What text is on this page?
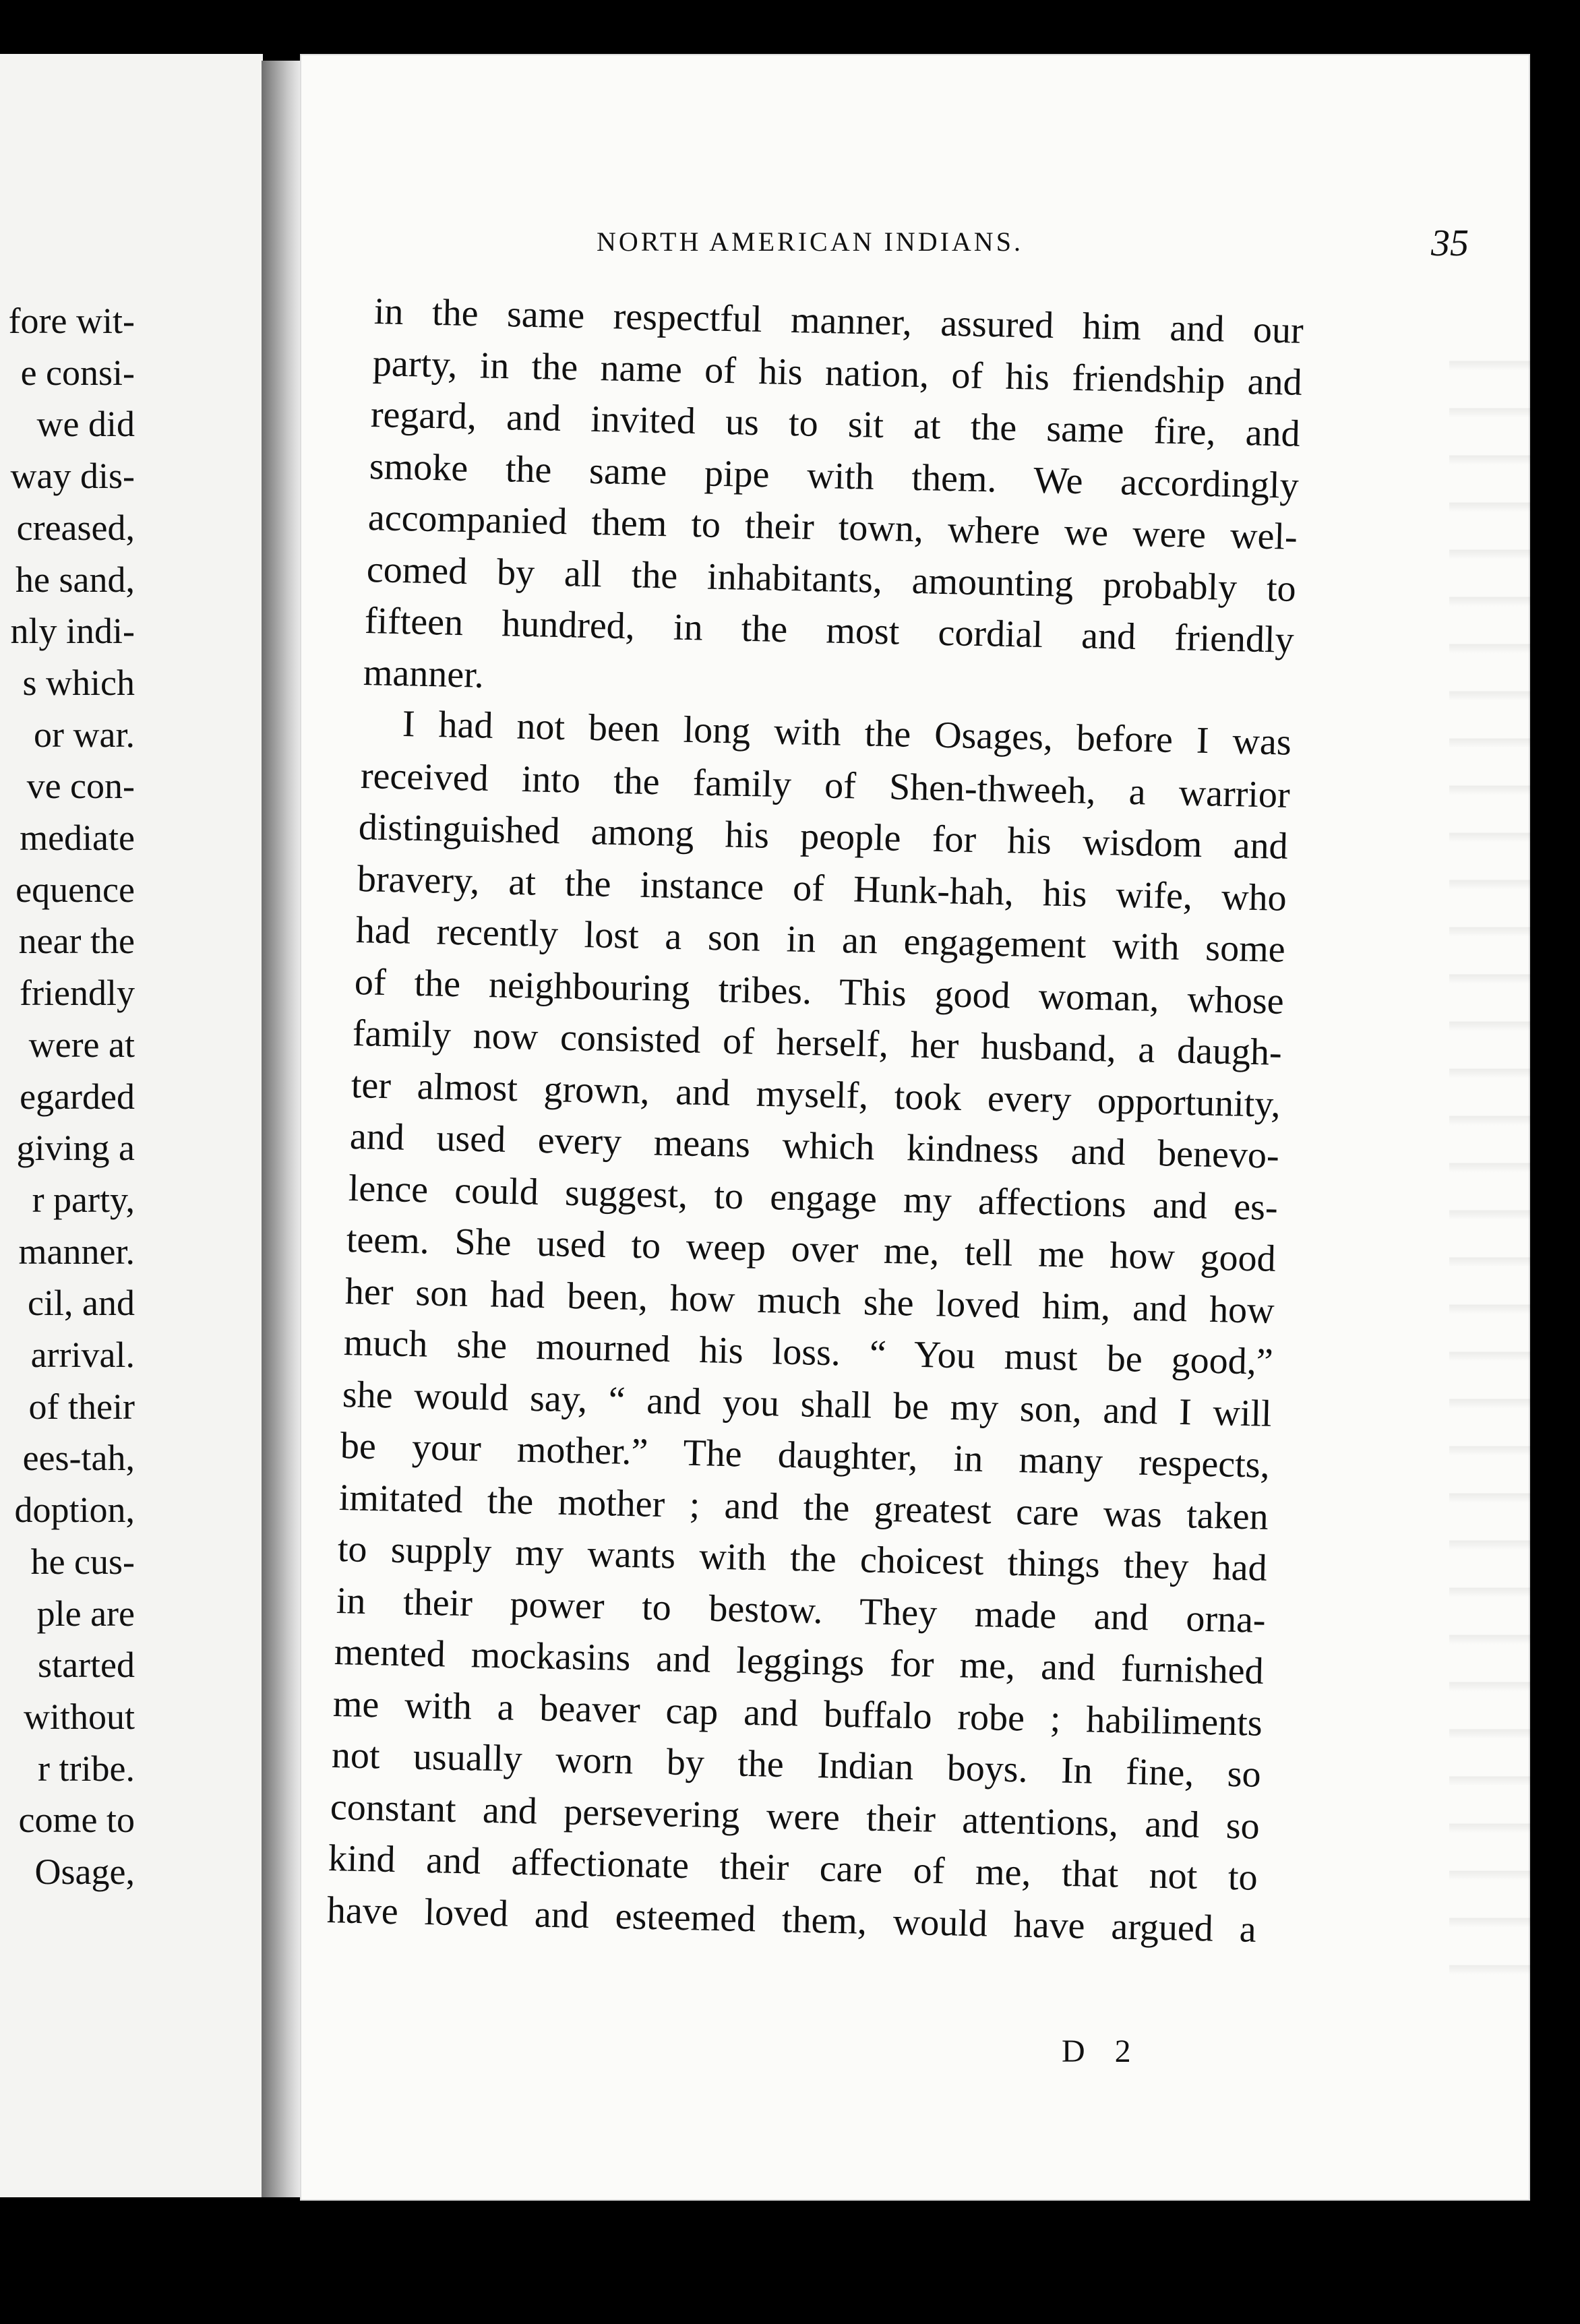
fore wit-
e consi-
we did
way dis-
creased,
he sand,
nly indi-
s which
or war.
ve con-
mediate
equence
near the
friendly
were at
egarded
giving a
r party,
manner.
cil, and
arrival.
of their
ees-tah,
doption,
he cus-
ple are
started
without
r tribe.
come to
Osage,
NORTH AMERICAN INDIANS.	35
in the same respectful manner, assured him and our
party, in the name of his nation, of his friendship and
regard, and invited us to sit at the same fire, and
smoke the same pipe with them. We accordingly
accompanied them to their town, where we were wel-
comed by all the inhabitants, amounting probably to
fifteen hundred, in the most cordial and friendly
manner.
I had not been long with the Osages, before I was
received into the family of Shen-thweeh, a warrior
distinguished among his people for his wisdom and
bravery, at the instance of Hunk-hah, his wife, who
had recently lost a son in an engagement with some
of the neighbouring tribes. This good woman, whose
family now consisted of herself, her husband, a daugh-
ter almost grown, and myself, took every opportunity,
and used every means which kindness and benevo-
lence could suggest, to engage my affections and es-
teem. She used to weep over me, tell me how good
her son had been, how much she loved him, and how
much she mourned his loss. “ You must be good,”
she would say, “ and you shall be my son, and I will
be your mother.” The daughter, in many respects,
imitated the mother ; and the greatest care was taken
to supply my wants with the choicest things they had
in their power to bestow. They made and orna-
mented mockasins and leggings for me, and furnished
me with a beaver cap and buffalo robe ; habiliments
not usually worn by the Indian boys. In fine, so
constant and persevering were their attentions, and so
kind and affectionate their care of me, that not to
have loved and esteemed them, would have argued a
D 2
